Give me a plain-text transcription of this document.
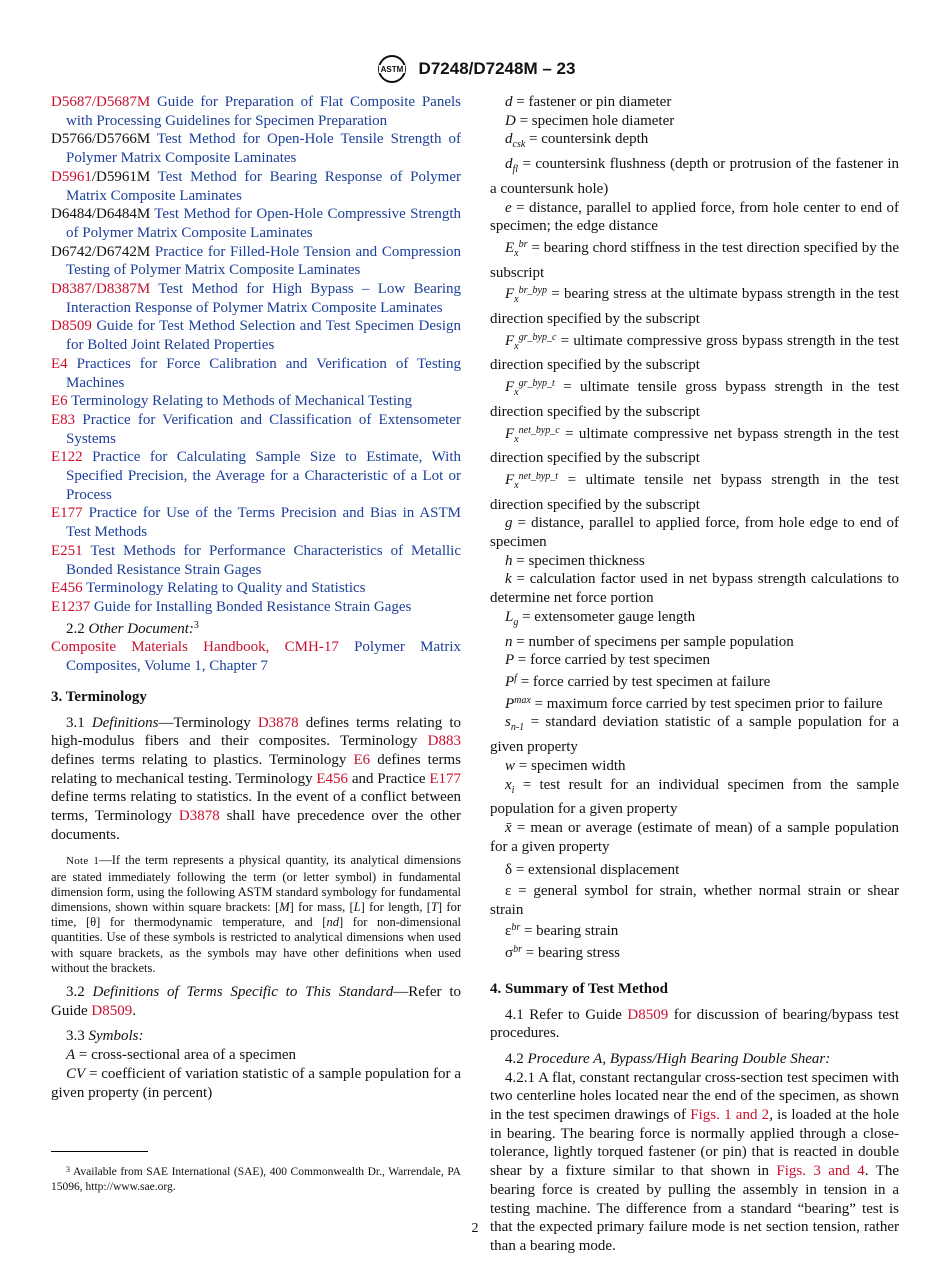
ASTM D7248/D7248M – 23

D5687/D5687M Guide for Preparation of Flat Composite Panels with Processing Guidelines for Specimen Preparation

D5766/D5766M Test Method for Open-Hole Tensile Strength of Polymer Matrix Composite Laminates

D5961/D5961M Test Method for Bearing Response of Polymer Matrix Composite Laminates

D6484/D6484M Test Method for Open-Hole Compressive Strength of Polymer Matrix Composite Laminates

D6742/D6742M Practice for Filled-Hole Tension and Compression Testing of Polymer Matrix Composite Laminates

D8387/D8387M Test Method for High Bypass – Low Bearing Interaction Response of Polymer Matrix Composite Laminates

D8509 Guide for Test Method Selection and Test Specimen Design for Bolted Joint Related Properties

E4 Practices for Force Calibration and Verification of Testing Machines

E6 Terminology Relating to Methods of Mechanical Testing

E83 Practice for Verification and Classification of Extensometer Systems

E122 Practice for Calculating Sample Size to Estimate, With Specified Precision, the Average for a Characteristic of a Lot or Process

E177 Practice for Use of the Terms Precision and Bias in ASTM Test Methods

E251 Test Methods for Performance Characteristics of Metallic Bonded Resistance Strain Gages

E456 Terminology Relating to Quality and Statistics

E1237 Guide for Installing Bonded Resistance Strain Gages

2.2 Other Document:$^3$

Composite Materials Handbook, CMH-17 Polymer Matrix Composites, Volume 1, Chapter 7

3. Terminology

3.1 Definitions—Terminology D3878 defines terms relating to high-modulus fibers and their composites. Terminology D883 defines terms relating to plastics. Terminology E6 defines terms relating to mechanical testing. Terminology E456 and Practice E177 define terms relating to statistics. In the event of a conflict between terms, Terminology D3878 shall have precedence over the other documents.

Note 1—If the term represents a physical quantity, its analytical dimensions are stated immediately following the term (or letter symbol) in fundamental dimension form, using the following ASTM standard symbology for fundamental dimensions, shown within square brackets: [M] for mass, [L] for length, [T] for time, [θ] for thermodynamic temperature, and [nd] for non-dimensional quantities. Use of these symbols is restricted to analytical dimensions when used with square brackets, as the symbols may have other definitions when used without the brackets.

3.2 Definitions of Terms Specific to This Standard—Refer to Guide D8509.

3.3 Symbols:

A = cross-sectional area of a specimen

CV = coefficient of variation statistic of a sample population for a given property (in percent)

$^3$ Available from SAE International (SAE), 400 Commonwealth Dr., Warrendale, PA 15096, http://www.sae.org.

d = fastener or pin diameter

D = specimen hole diameter

$d_{csk}$ = countersink depth

$d_{fl}$ = countersink flushness (depth or protrusion of the fastener in a countersunk hole)

e = distance, parallel to applied force, from hole center to end of specimen; the edge distance

$E_x^{br}$ = bearing chord stiffness in the test direction specified by the subscript

$F_x^{br\_byp}$ = bearing stress at the ultimate bypass strength in the test direction specified by the subscript

$F_x^{gr\_byp\_c}$ = ultimate compressive gross bypass strength in the test direction specified by the subscript

$F_x^{gr\_byp\_t}$ = ultimate tensile gross bypass strength in the test direction specified by the subscript

$F_x^{net\_byp\_c}$ = ultimate compressive net bypass strength in the test direction specified by the subscript

$F_x^{net\_byp\_t}$ = ultimate tensile net bypass strength in the test direction specified by the subscript

g = distance, parallel to applied force, from hole edge to end of specimen

h = specimen thickness

k = calculation factor used in net bypass strength calculations to determine net force portion

$L_g$ = extensometer gauge length

n = number of specimens per sample population

P = force carried by test specimen

$P^f$ = force carried by test specimen at failure

$P^{max}$ = maximum force carried by test specimen prior to failure

$s_{n-1}$ = standard deviation statistic of a sample population for a given property

w = specimen width

$x_i$ = test result for an individual specimen from the sample population for a given property

x̄ = mean or average (estimate of mean) of a sample population for a given property

δ = extensional displacement

ε = general symbol for strain, whether normal strain or shear strain

$\varepsilon^{br}$ = bearing strain

$\sigma^{br}$ = bearing stress

4. Summary of Test Method

4.1 Refer to Guide D8509 for discussion of bearing/bypass test procedures.

4.2 Procedure A, Bypass/High Bearing Double Shear:

4.2.1 A flat, constant rectangular cross-section test specimen with two centerline holes located near the end of the specimen, as shown in the test specimen drawings of Figs. 1 and 2, is loaded at the hole in bearing. The bearing force is normally applied through a close-tolerance, lightly torqued fastener (or pin) that is reacted in double shear by a fixture similar to that shown in Figs. 3 and 4. The bearing force is created by pulling the assembly in tension in a testing machine. The difference from a standard “bearing” test is that the expected primary failure mode is net section tension, rather than a bearing mode.

2
